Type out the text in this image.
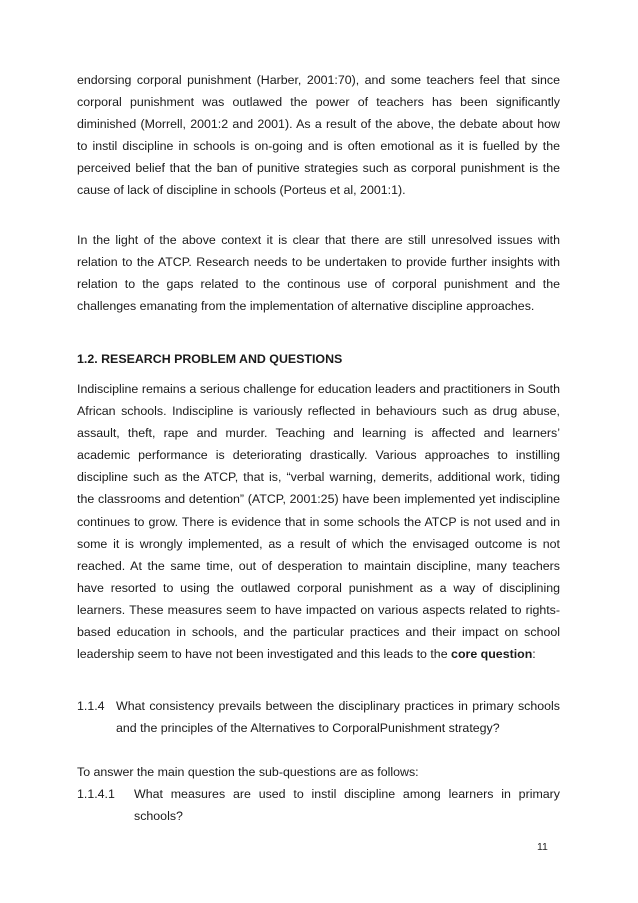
endorsing corporal punishment (Harber, 2001:70), and some teachers feel that since corporal punishment was outlawed the power of teachers has been significantly diminished (Morrell, 2001:2 and 2001). As a result of the above, the debate about how to instil discipline in schools is on-going and is often emotional as it is fuelled by the perceived belief that the ban of punitive strategies such as corporal punishment is the cause of lack of discipline in schools (Porteus et al, 2001:1).

In the light of the above context it is clear that there are still unresolved issues with relation to the ATCP. Research needs to be undertaken to provide further insights with relation to the gaps related to the continous use of corporal punishment and the challenges emanating from the implementation of alternative discipline approaches.

1.2. RESEARCH PROBLEM AND QUESTIONS

Indiscipline remains a serious challenge for education leaders and practitioners in South African schools. Indiscipline is variously reflected in behaviours such as drug abuse, assault, theft, rape and murder. Teaching and learning is affected and learners’ academic performance is deteriorating drastically. Various approaches to instilling discipline such as the ATCP, that is, “verbal warning, demerits, additional work, tiding the classrooms and detention” (ATCP, 2001:25) have been implemented yet indiscipline continues to grow. There is evidence that in some schools the ATCP is not used and in some it is wrongly implemented, as a result of which the envisaged outcome is not reached. At the same time, out of desperation to maintain discipline, many teachers have resorted to using the outlawed corporal punishment as a way of disciplining learners. These measures seem to have impacted on various aspects related to rights-based education in schools, and the particular practices and their impact on school leadership seem to have not been investigated and this leads to the core question:

1.1.4 What consistency prevails between the disciplinary practices in primary schools and the principles of the Alternatives to CorporalPunishment strategy?

To answer the main question the sub-questions are as follows:
1.1.4.1 What measures are used to instil discipline among learners in primary schools?

11
